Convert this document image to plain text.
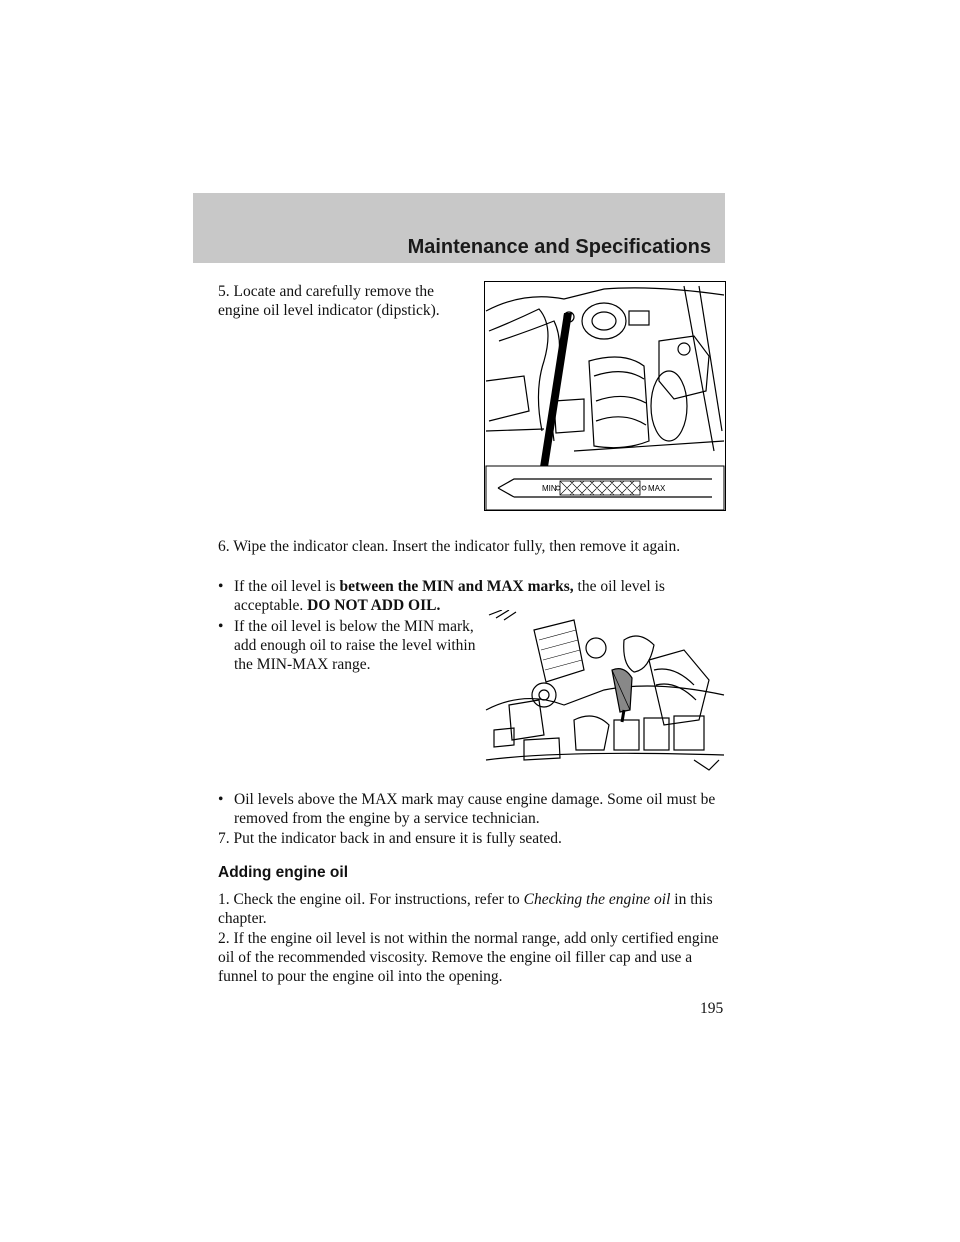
Maintenance and Specifications
5. Locate and carefully remove the engine oil level indicator (dipstick).
MIN	MAX
6. Wipe the indicator clean. Insert the indicator fully, then remove it again.
• If the oil level is between the MIN and MAX marks, the oil level is acceptable. DO NOT ADD OIL.
• If the oil level is below the MIN mark, add enough oil to raise the level within the MIN-MAX range.
• Oil levels above the MAX mark may cause engine damage. Some oil must be removed from the engine by a service technician.
7. Put the indicator back in and ensure it is fully seated.
Adding engine oil
1. Check the engine oil. For instructions, refer to Checking the engine oil in this chapter.
2. If the engine oil level is not within the normal range, add only certified engine oil of the recommended viscosity. Remove the engine oil filler cap and use a funnel to pour the engine oil into the opening.
195
